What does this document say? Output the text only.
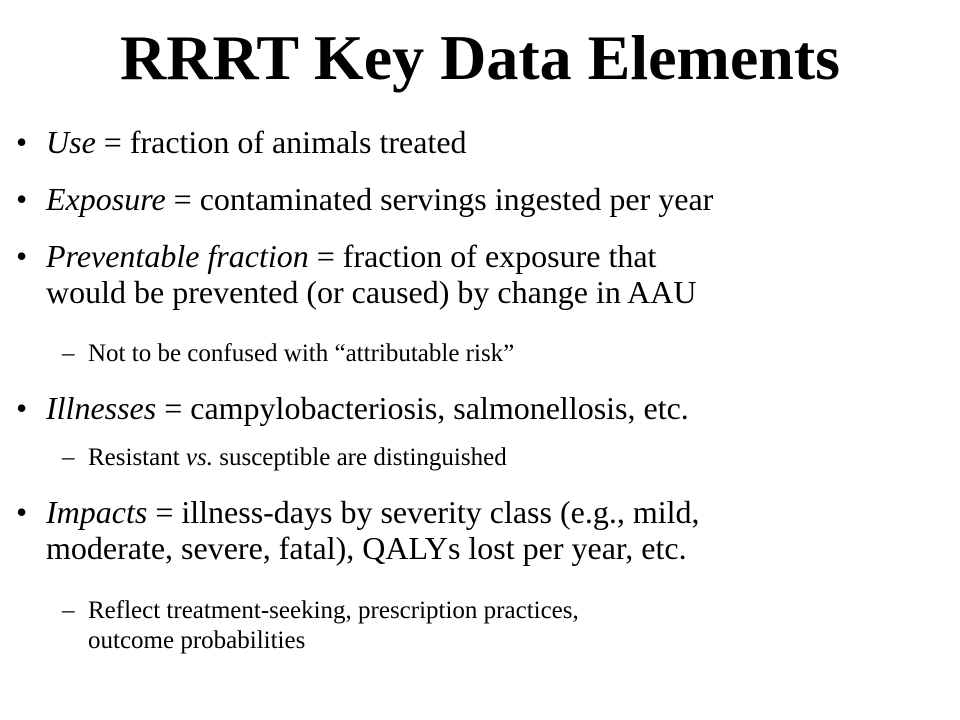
RRRT Key Data Elements
• Use = fraction of animals treated
• Exposure = contaminated servings ingested per year
• Preventable fraction = fraction of exposure that
would be prevented (or caused) by change in AAU
– Not to be confused with “attributable risk”
• Illnesses = campylobacteriosis, salmonellosis, etc.
– Resistant vs. susceptible are distinguished
• Impacts = illness-days by severity class (e.g., mild,
moderate, severe, fatal), QALYs lost per year, etc.
– Reflect treatment-seeking, prescription practices,
outcome probabilities
